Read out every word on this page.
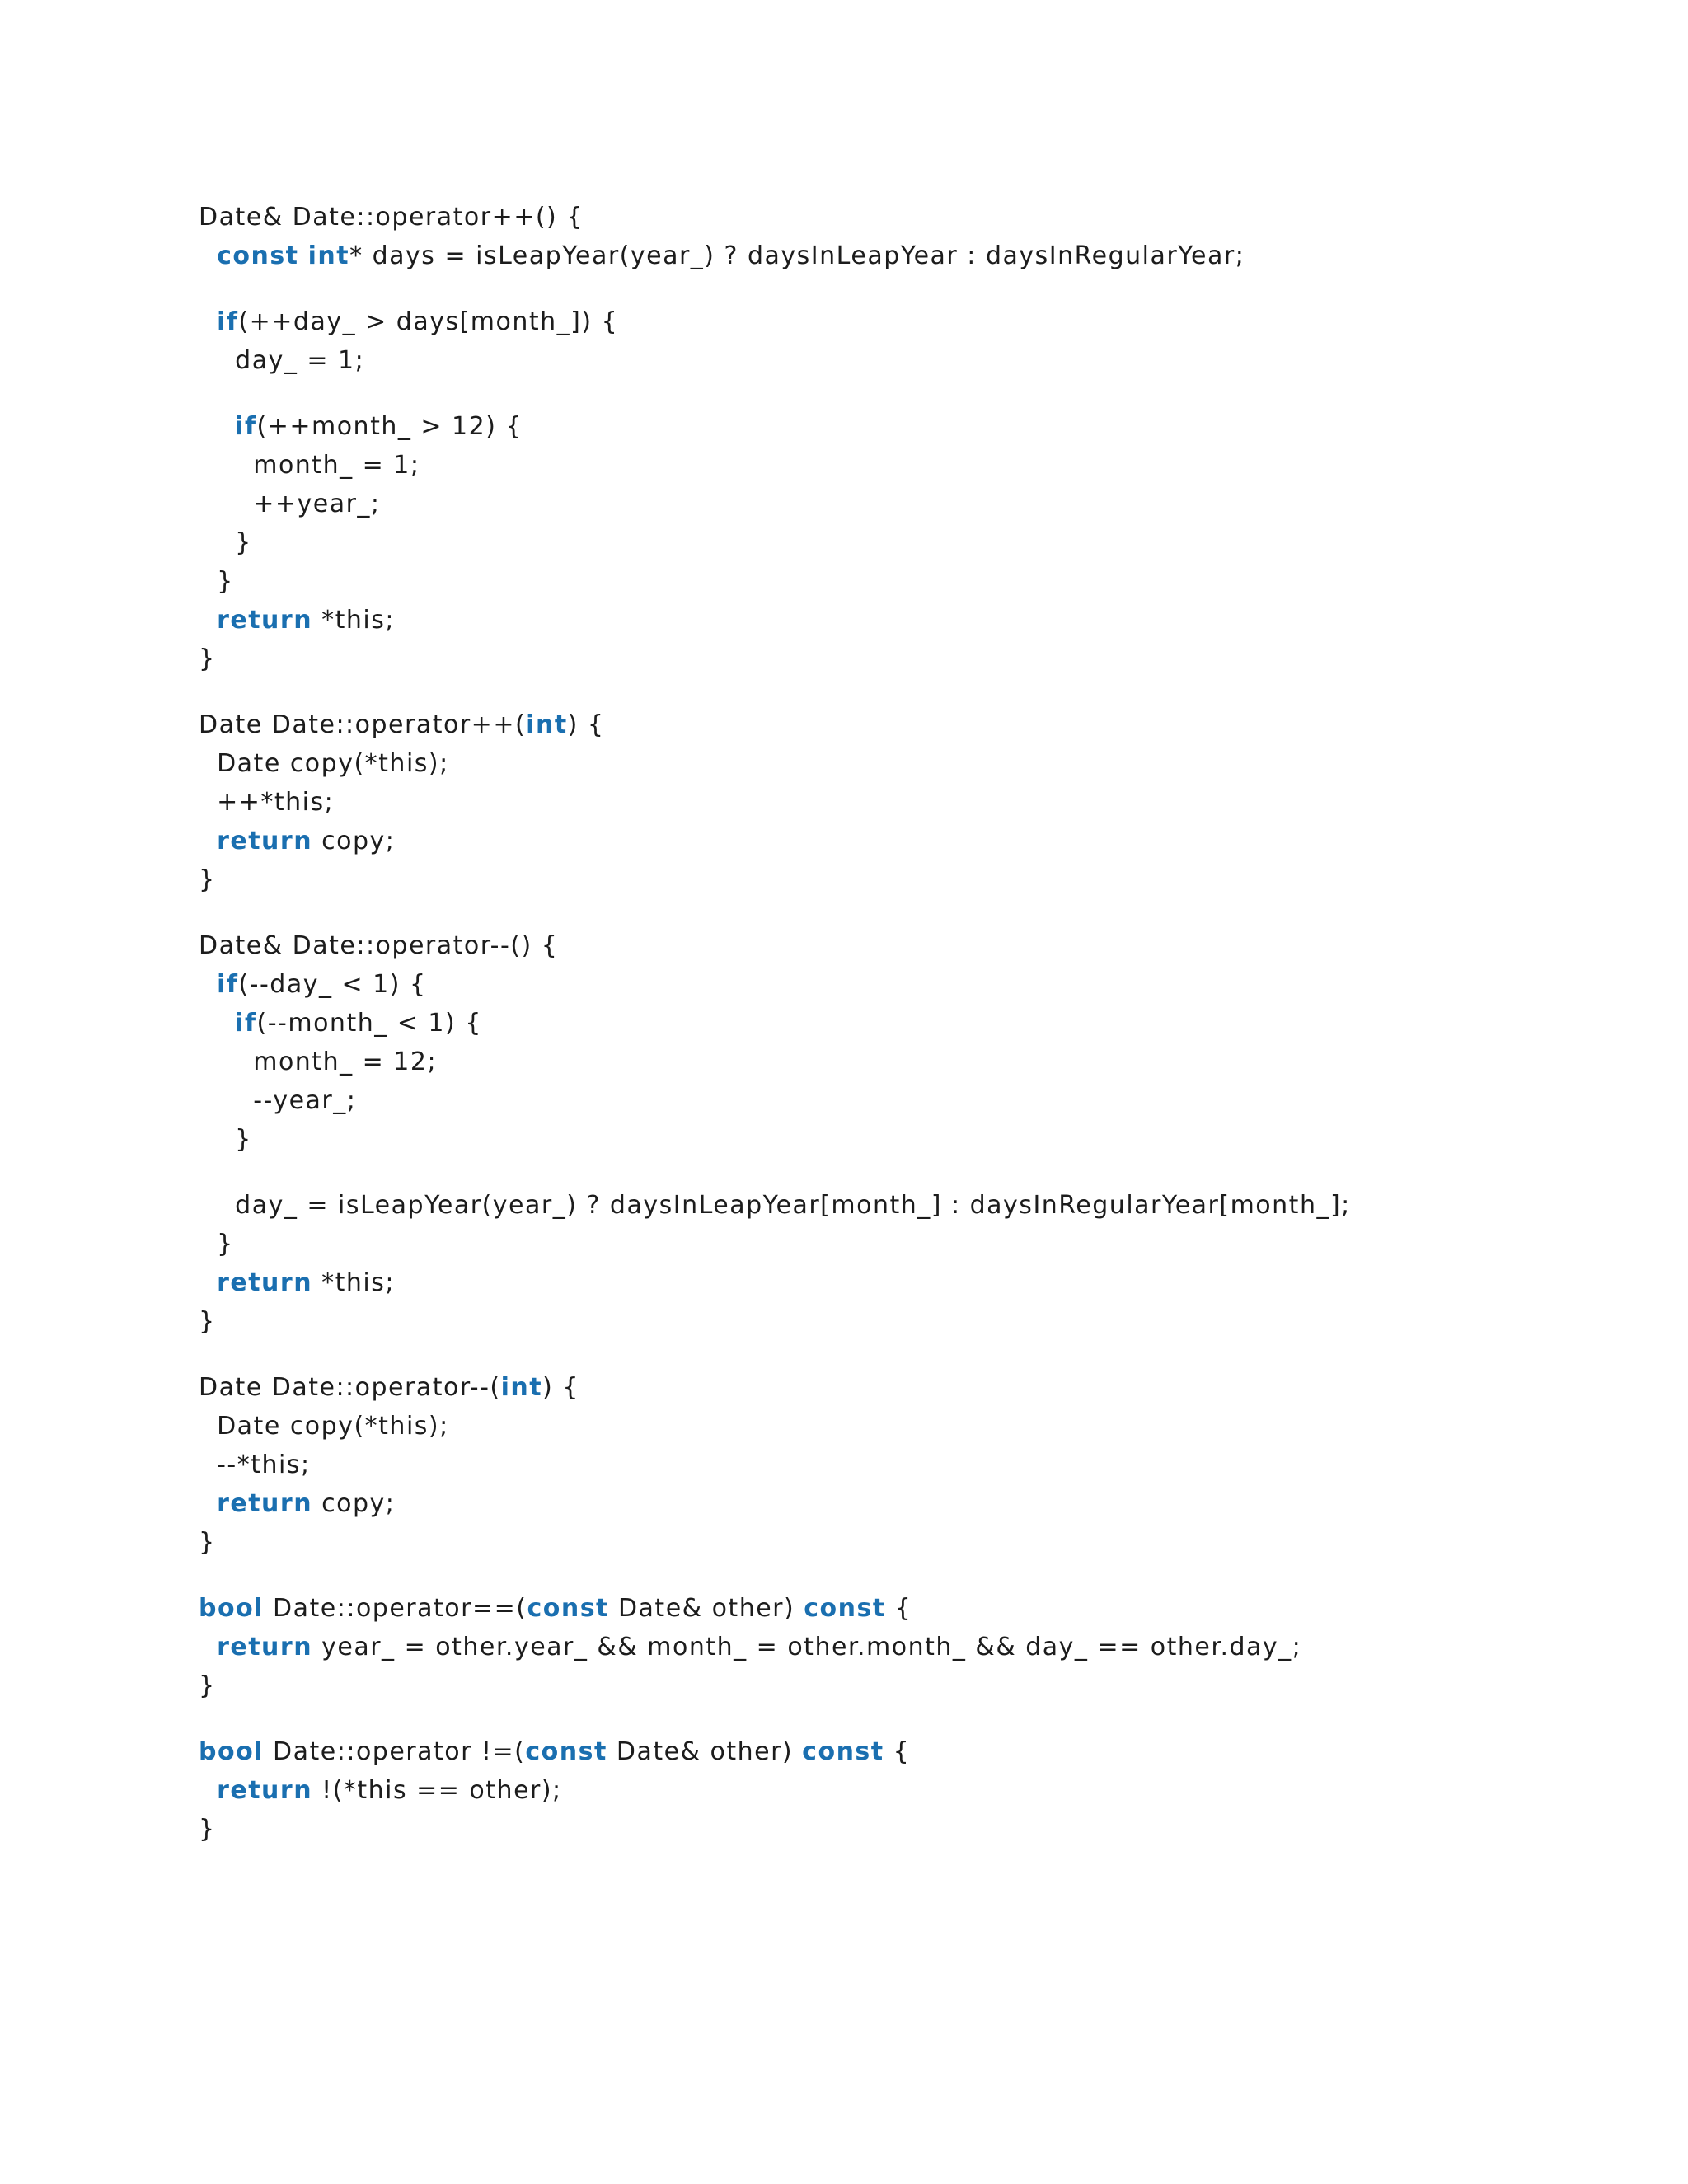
Date& Date::operator++() {
const int* days = isLeapYear(year_) ? daysInLeapYear : daysInRegularYear;
if(++day_ > days[month_]) {
day_ = 1;
if(++month_ > 12) {
month_ = 1;
++year_;
}
}
return *this;
}
Date Date::operator++(int) {
Date copy(*this);
++*this;
return copy;
}
Date& Date::operator--() {
if(--day_ < 1) {
if(--month_ < 1) {
month_ = 12;
--year_;
}
day_ = isLeapYear(year_) ? daysInLeapYear[month_] : daysInRegularYear[month_];
}
return *this;
}
Date Date::operator--(int) {
Date copy(*this);
--*this;
return copy;
}
bool Date::operator==(const Date& other) const {
return year_ = other.year_ && month_ = other.month_ && day_ == other.day_;
}
bool Date::operator !=(const Date& other) const {
return !(*this == other);
}
